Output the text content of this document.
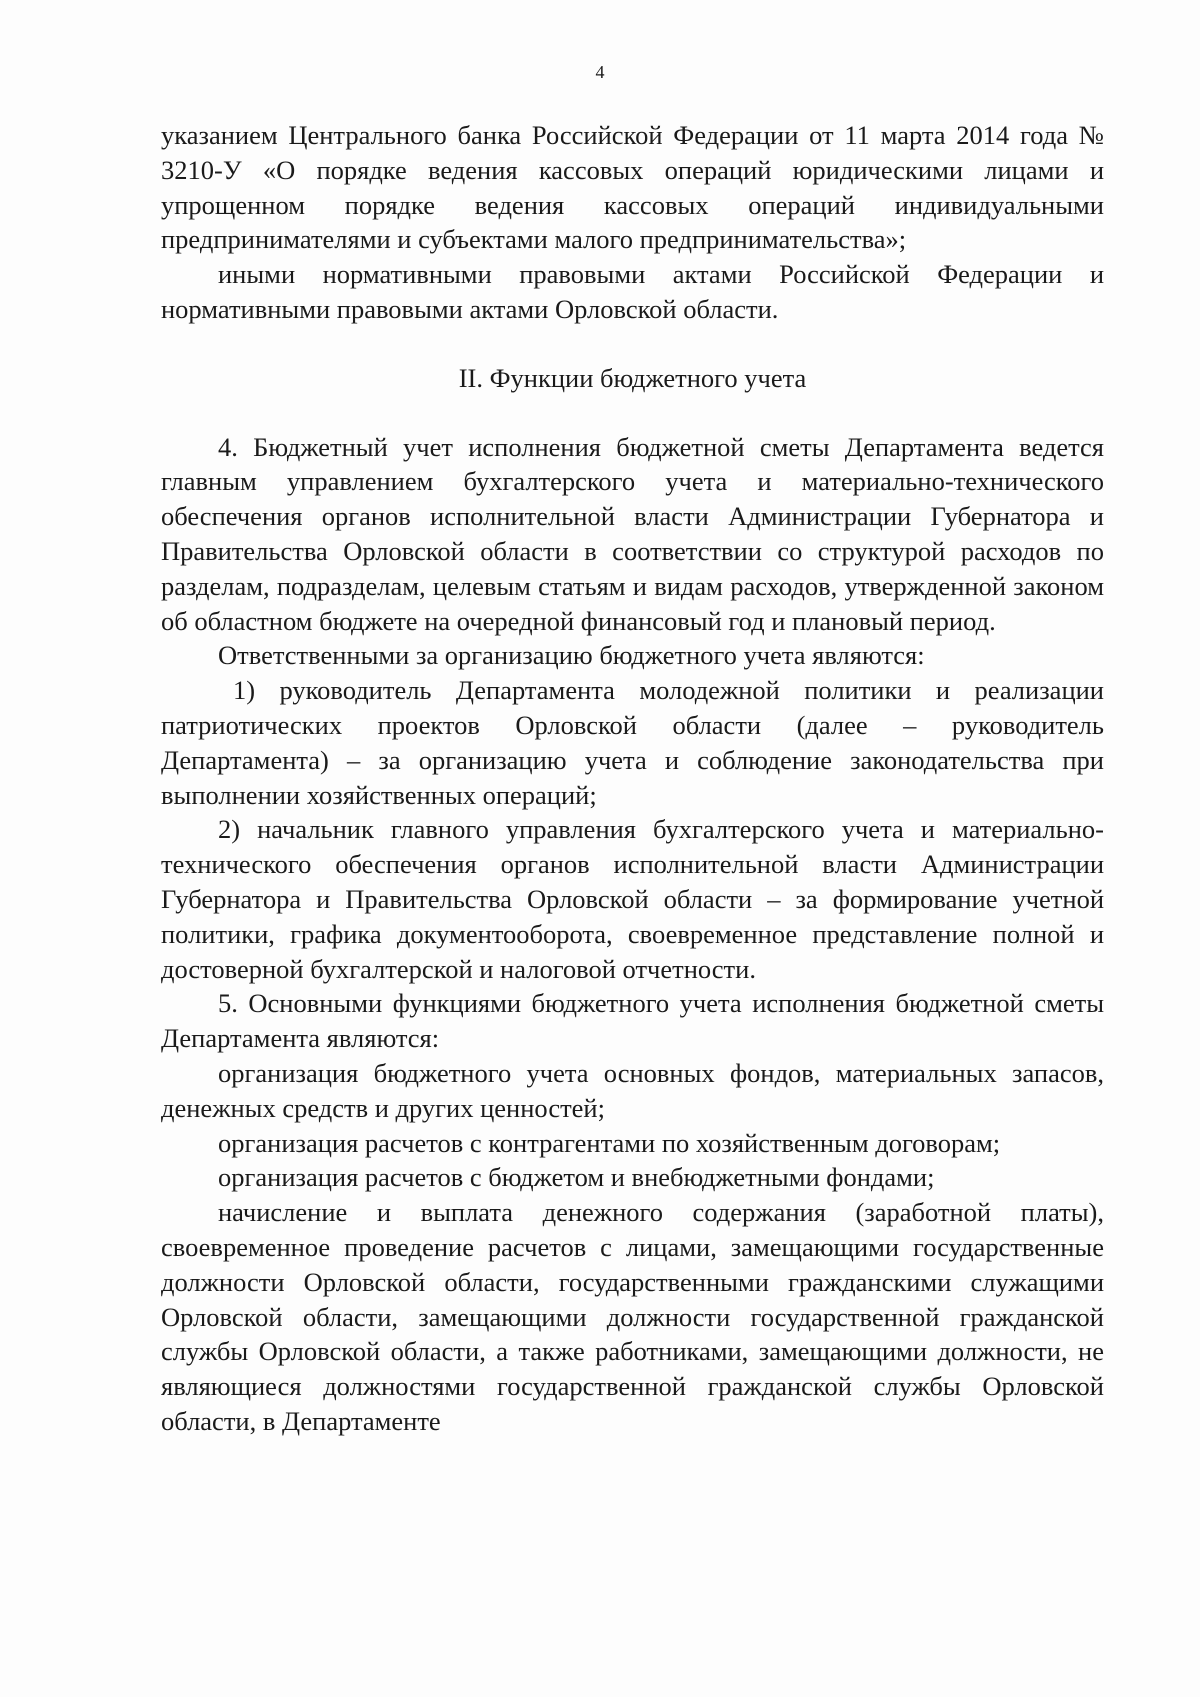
4

указанием Центрального банка Российской Федерации от 11 марта 2014 года № 3210-У «О порядке ведения кассовых операций юридическими лицами и упрощенном порядке ведения кассовых операций индивидуальными предпринимателями и субъектами малого предпринимательства»;

иными нормативными правовыми актами Российской Федерации и нормативными правовыми актами Орловской области.

II. Функции бюджетного учета

4. Бюджетный учет исполнения бюджетной сметы Департамента ведется главным управлением бухгалтерского учета и материально-технического обеспечения органов исполнительной власти Администрации Губернатора и Правительства Орловской области в соответствии со структурой расходов по разделам, подразделам, целевым статьям и видам расходов, утвержденной законом об областном бюджете на очередной финансовый год и плановый период.

Ответственными за организацию бюджетного учета являются:

1) руководитель Департамента молодежной политики и реализации патриотических проектов Орловской области (далее – руководитель Департамента) – за организацию учета и соблюдение законодательства при выполнении хозяйственных операций;

2) начальник главного управления бухгалтерского учета и материально-технического обеспечения органов исполнительной власти Администрации Губернатора и Правительства Орловской области – за формирование учетной политики, графика документооборота, своевременное представление полной и достоверной бухгалтерской и налоговой отчетности.

5. Основными функциями бюджетного учета исполнения бюджетной сметы Департамента являются:

организация бюджетного учета основных фондов, материальных запасов, денежных средств и других ценностей;

организация расчетов с контрагентами по хозяйственным договорам;

организация расчетов с бюджетом и внебюджетными фондами;

начисление и выплата денежного содержания (заработной платы), своевременное проведение расчетов с лицами, замещающими государственные должности Орловской области, государственными гражданскими служащими Орловской области, замещающими должности государственной гражданской службы Орловской области, а также работниками, замещающими должности, не являющиеся должностями государственной гражданской службы Орловской области, в Департаменте
